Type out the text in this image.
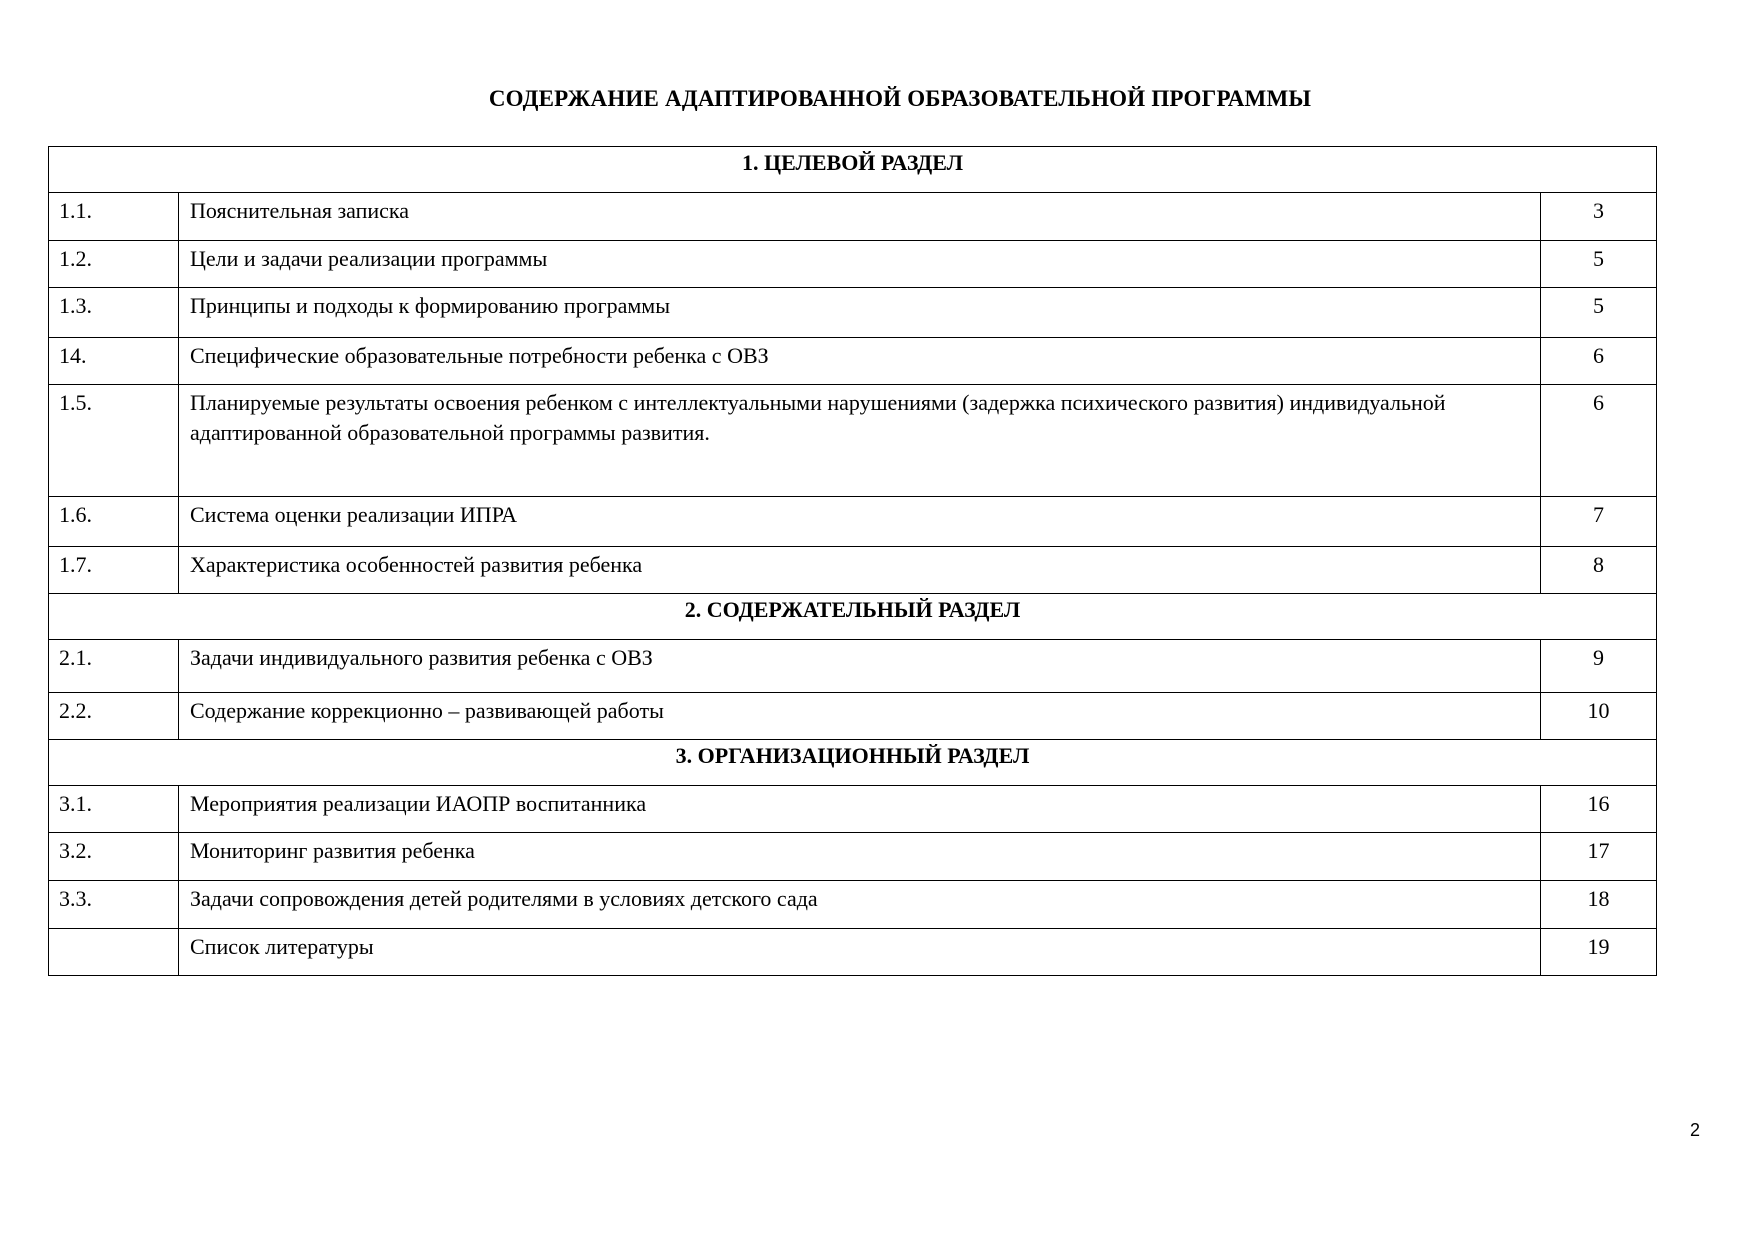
СОДЕРЖАНИЕ АДАПТИРОВАННОЙ ОБРАЗОВАТЕЛЬНОЙ ПРОГРАММЫ
1. ЦЕЛЕВОЙ РАЗДЕЛ		
1.1.	Пояснительная записка	3
1.2.	Цели и задачи реализации программы	5
1.3.	Принципы и подходы к формированию программы	5
14.	Специфические образовательные потребности ребенка с ОВЗ	6
1.5.	Планируемые результаты освоения ребенком с интеллектуальными нарушениями (задержка психического развития) индивидуальной адаптированной образовательной программы развития.	6
1.6.	Система оценки реализации ИПРА	7
1.7.	Характеристика особенностей развития ребенка	8
2. СОДЕРЖАТЕЛЬНЫЙ РАЗДЕЛ		
2.1.	Задачи индивидуального развития ребенка с ОВЗ	9
2.2.	Содержание коррекционно – развивающей работы	10
3. ОРГАНИЗАЦИОННЫЙ РАЗДЕЛ		
3.1.	Мероприятия реализации ИАОПР воспитанника	16
3.2.	Мониторинг развития ребенка	17
3.3.	Задачи сопровождения детей родителями в условиях детского сада	18
	Список литературы	19
2
